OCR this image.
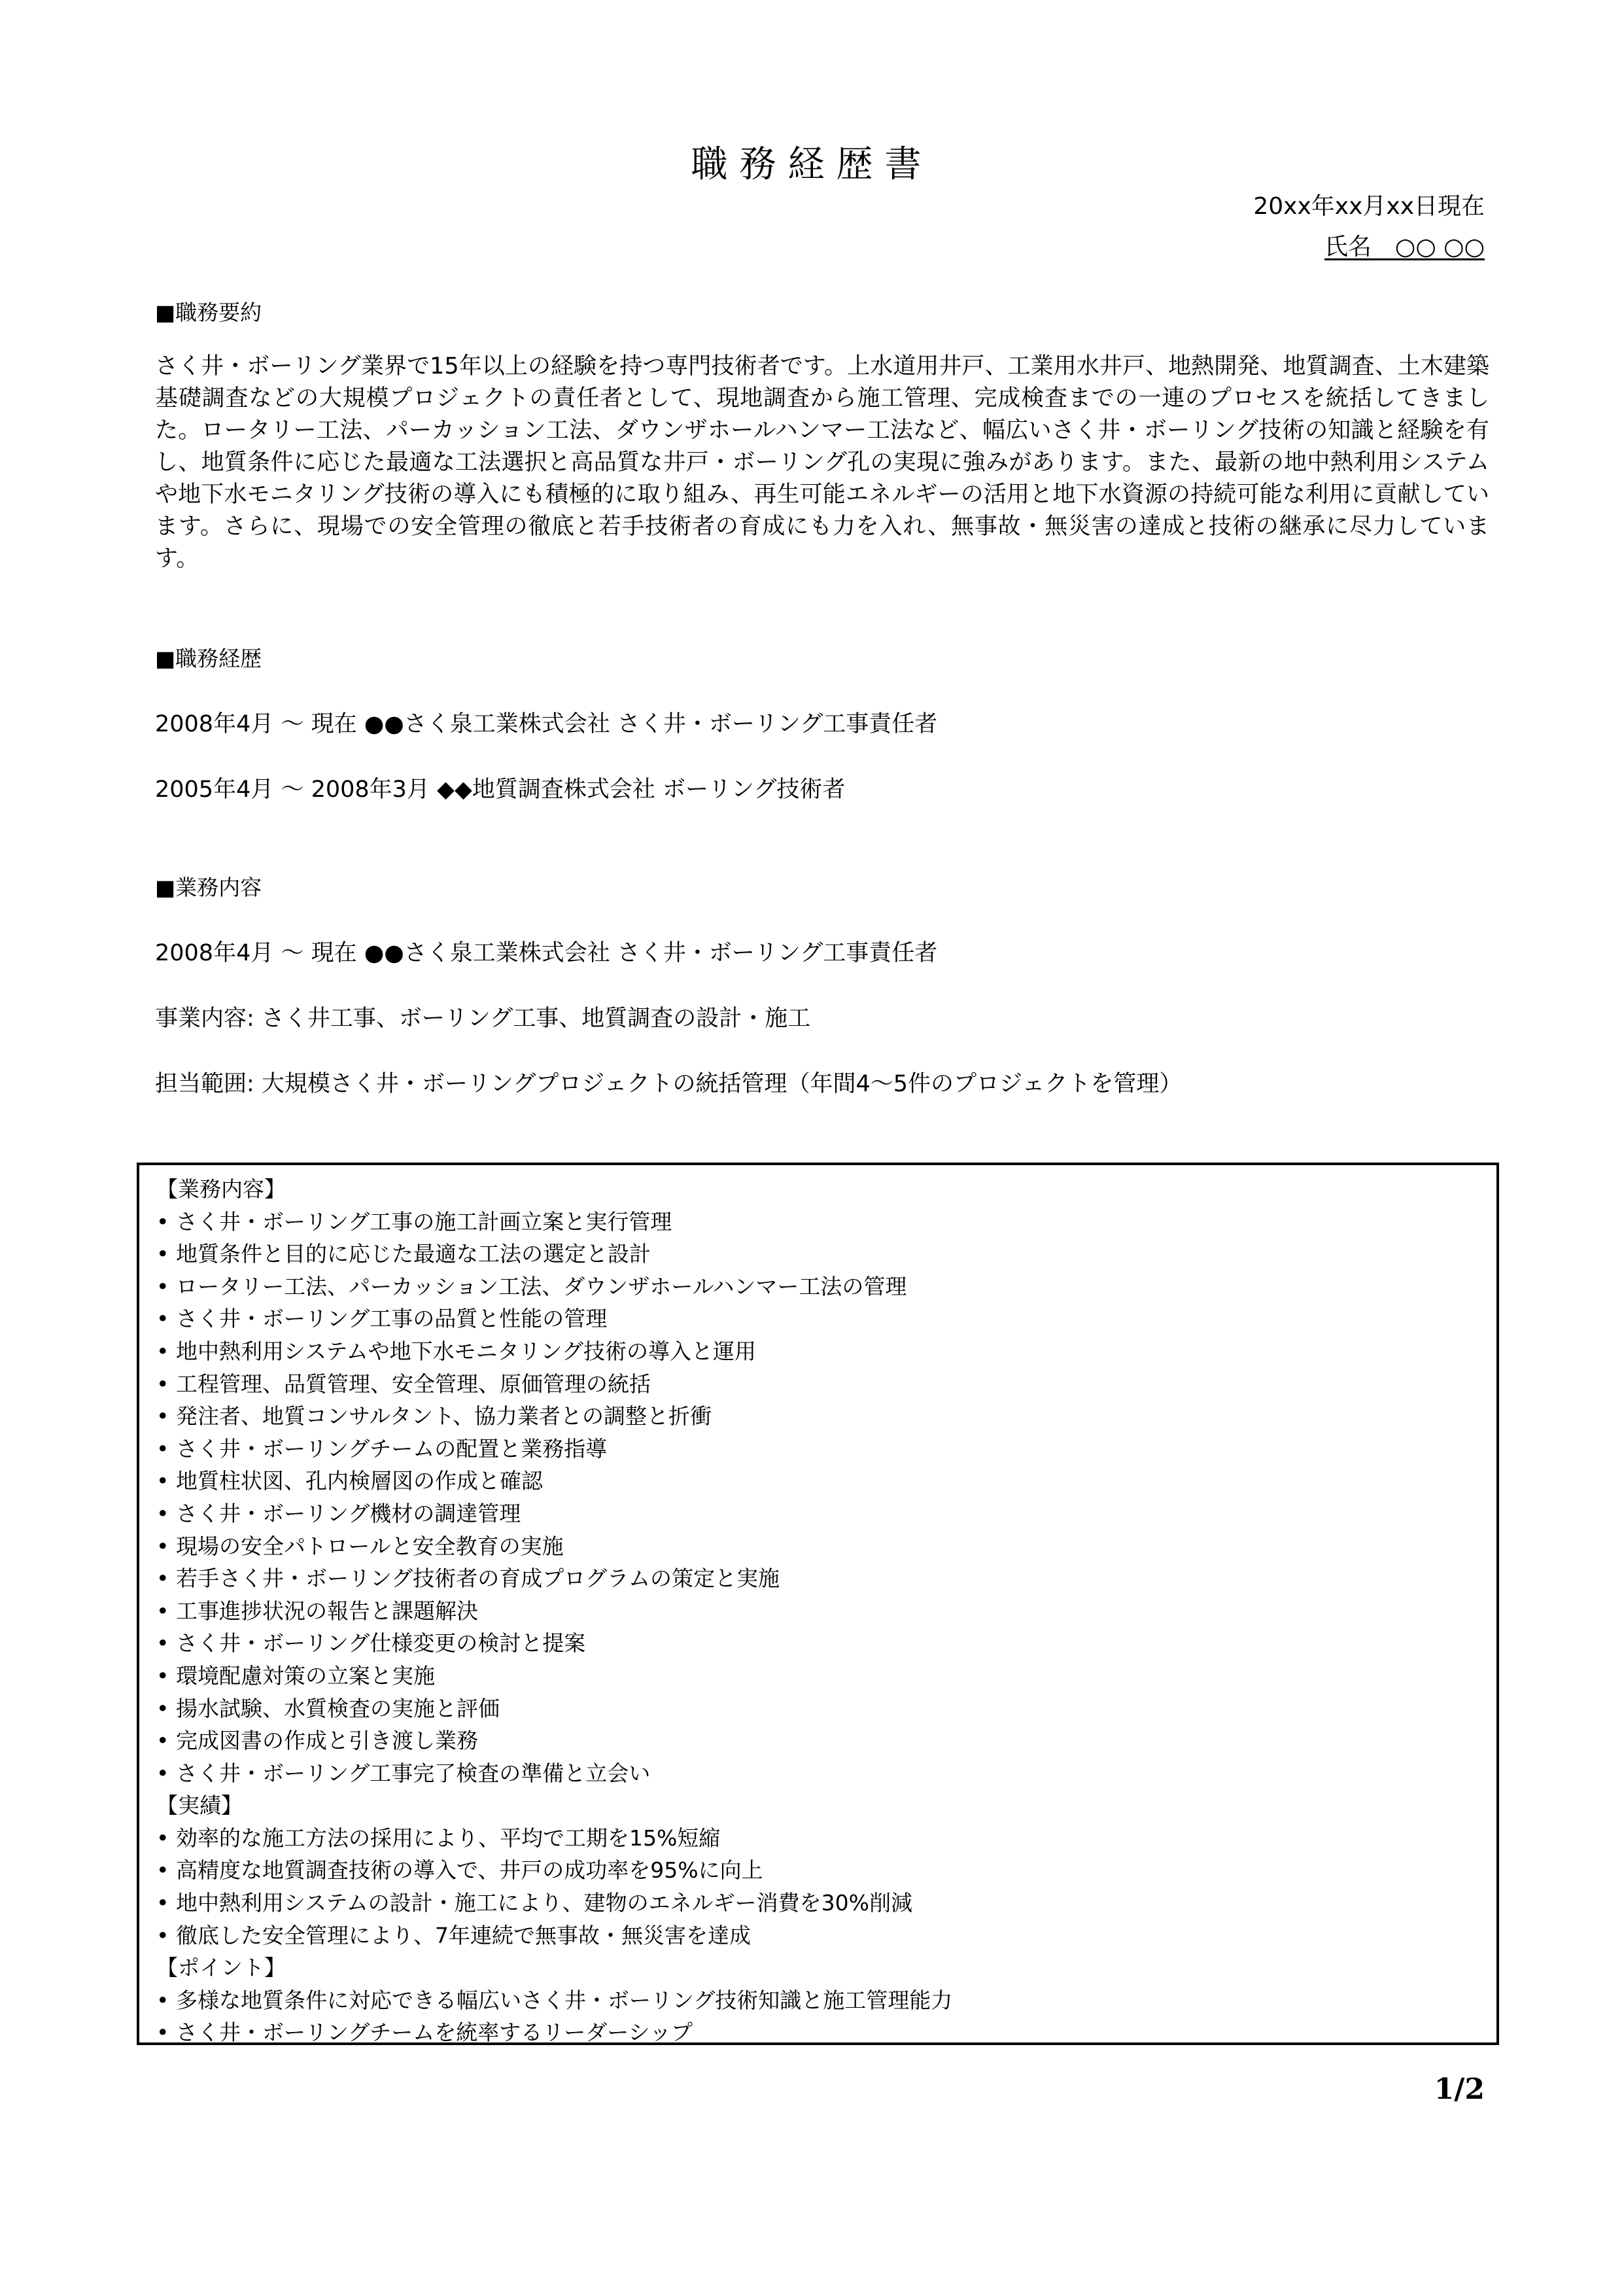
職務経歴書
20xx年xx月xx日現在
氏名　○○ ○○
■職務要約
さく井・ボーリング業界で15年以上の経験を持つ専門技術者です。上水道用井戸、工業用水井戸、地熱開発、地質調査、土木建築基礎調査などの大規模プロジェクトの責任者として、現地調査から施工管理、完成検査までの一連のプロセスを統括してきました。ロータリー工法、パーカッション工法、ダウンザホールハンマー工法など、幅広いさく井・ボーリング技術の知識と経験を有し、地質条件に応じた最適な工法選択と高品質な井戸・ボーリング孔の実現に強みがあります。また、最新の地中熱利用システムや地下水モニタリング技術の導入にも積極的に取り組み、再生可能エネルギーの活用と地下水資源の持続可能な利用に貢献しています。さらに、現場での安全管理の徹底と若手技術者の育成にも力を入れ、無事故・無災害の達成と技術の継承に尽力しています。
■職務経歴
2008年4月 〜 現在 ●●さく泉工業株式会社 さく井・ボーリング工事責任者
2005年4月 〜 2008年3月 ◆◆地質調査株式会社 ボーリング技術者
■業務内容
2008年4月 〜 現在 ●●さく泉工業株式会社 さく井・ボーリング工事責任者
事業内容: さく井工事、ボーリング工事、地質調査の設計・施工
担当範囲: 大規模さく井・ボーリングプロジェクトの統括管理（年間4〜5件のプロジェクトを管理）
【業務内容】
• さく井・ボーリング工事の施工計画立案と実行管理
• 地質条件と目的に応じた最適な工法の選定と設計
• ロータリー工法、パーカッション工法、ダウンザホールハンマー工法の管理
• さく井・ボーリング工事の品質と性能の管理
• 地中熱利用システムや地下水モニタリング技術の導入と運用
• 工程管理、品質管理、安全管理、原価管理の統括
• 発注者、地質コンサルタント、協力業者との調整と折衝
• さく井・ボーリングチームの配置と業務指導
• 地質柱状図、孔内検層図の作成と確認
• さく井・ボーリング機材の調達管理
• 現場の安全パトロールと安全教育の実施
• 若手さく井・ボーリング技術者の育成プログラムの策定と実施
• 工事進捗状況の報告と課題解決
• さく井・ボーリング仕様変更の検討と提案
• 環境配慮対策の立案と実施
• 揚水試験、水質検査の実施と評価
• 完成図書の作成と引き渡し業務
• さく井・ボーリング工事完了検査の準備と立会い
【実績】
• 効率的な施工方法の採用により、平均で工期を15%短縮
• 高精度な地質調査技術の導入で、井戸の成功率を95%に向上
• 地中熱利用システムの設計・施工により、建物のエネルギー消費を30%削減
• 徹底した安全管理により、7年連続で無事故・無災害を達成
【ポイント】
• 多様な地質条件に対応できる幅広いさく井・ボーリング技術知識と施工管理能力
• さく井・ボーリングチームを統率するリーダーシップ
1/2
